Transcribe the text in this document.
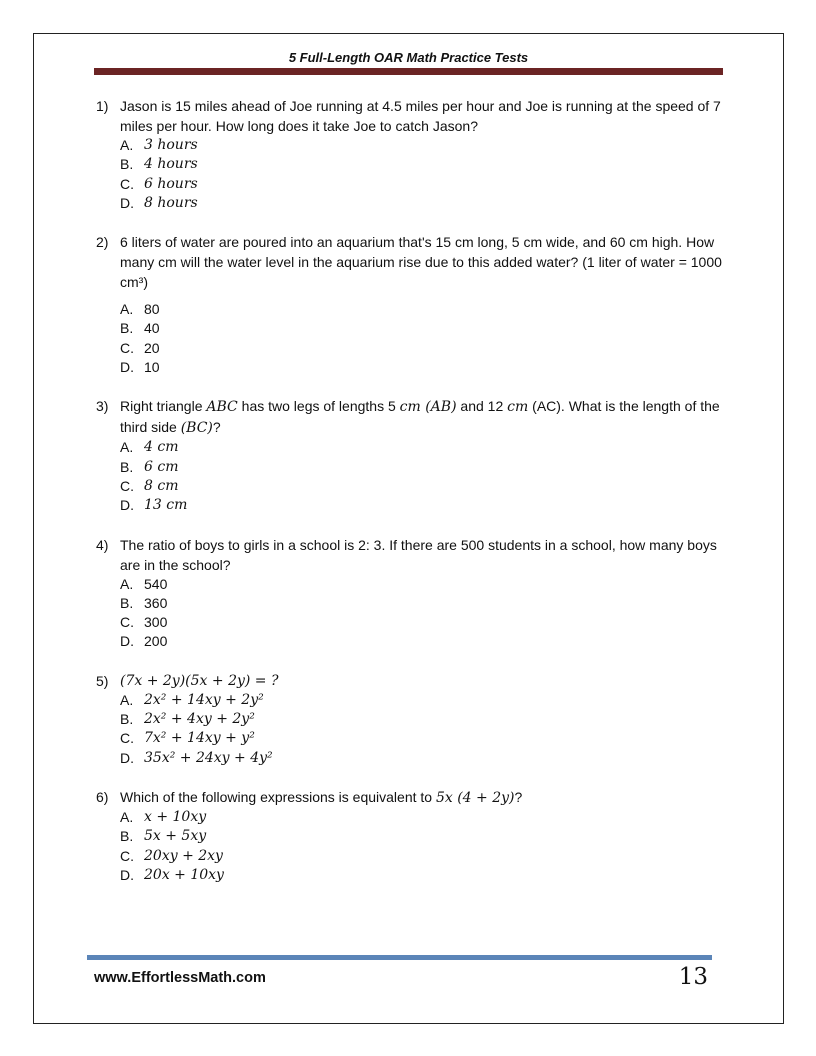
5 Full-Length OAR Math Practice Tests
1) Jason is 15 miles ahead of Joe running at 4.5 miles per hour and Joe is running at the speed of 7 miles per hour. How long does it take Joe to catch Jason?
A. 3 hours
B. 4 hours
C. 6 hours
D. 8 hours
2) 6 liters of water are poured into an aquarium that's 15 cm long, 5 cm wide, and 60 cm high. How many cm will the water level in the aquarium rise due to this added water? (1 liter of water = 1000 cm³)
A. 80
B. 40
C. 20
D. 10
3) Right triangle ABC has two legs of lengths 5 cm (AB) and 12 cm (AC). What is the length of the third side (BC)?
A. 4 cm
B. 6 cm
C. 8 cm
D. 13 cm
4) The ratio of boys to girls in a school is 2: 3. If there are 500 students in a school, how many boys are in the school?
A. 540
B. 360
C. 300
D. 200
5) (7x + 2y)(5x + 2y) = ?
A. 2x² + 14xy + 2y²
B. 2x² + 4xy + 2y²
C. 7x² + 14xy + y²
D. 35x² + 24xy + 4y²
6) Which of the following expressions is equivalent to 5x (4 + 2y)?
A. x + 10xy
B. 5x + 5xy
C. 20xy + 2xy
D. 20x + 10xy
www.EffortlessMath.com	13
